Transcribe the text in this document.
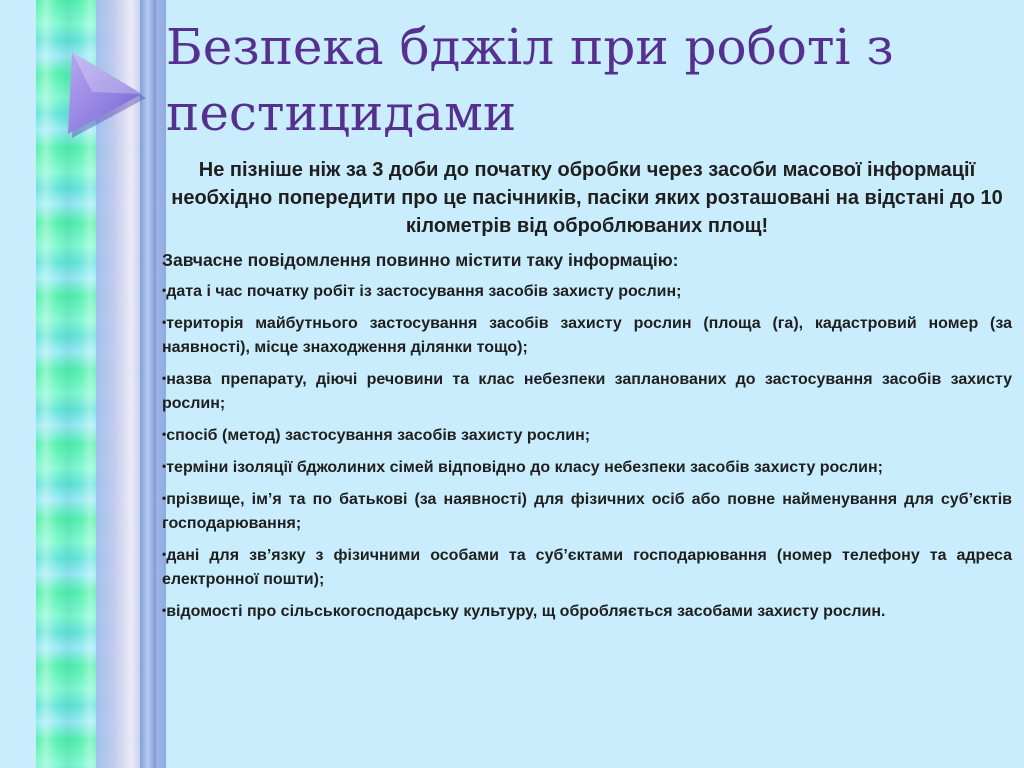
Безпека бджіл при роботі з пестицидами

Не пізніше ніж за 3 доби до початку обробки через засоби масової інформації необхідно попередити про це пасічників, пасіки яких розташовані на відстані до 10 кілометрів від оброблюваних площ!

Завчасне повідомлення повинно містити таку інформацію:

•дата і час початку робіт із застосування засобів захисту рослин;
•територія майбутнього застосування засобів захисту рослин (площа (га), кадастровий номер (за наявності), місце знаходження ділянки тощо);
•назва препарату, діючі речовини та клас небезпеки запланованих до застосування засобів захисту рослин;
•спосіб (метод) застосування засобів захисту рослин;
•терміни ізоляції бджолиних сімей відповідно до класу небезпеки засобів захисту рослин;
•прізвище, ім’я та по батькові (за наявності) для фізичних осіб або повне найменування для суб’єктів господарювання;
•дані для зв’язку з фізичними особами та суб’єктами господарювання (номер телефону та адреса електронної пошти);
•відомості про сільськогосподарську культуру, щ обробляється засобами захисту рослин.
